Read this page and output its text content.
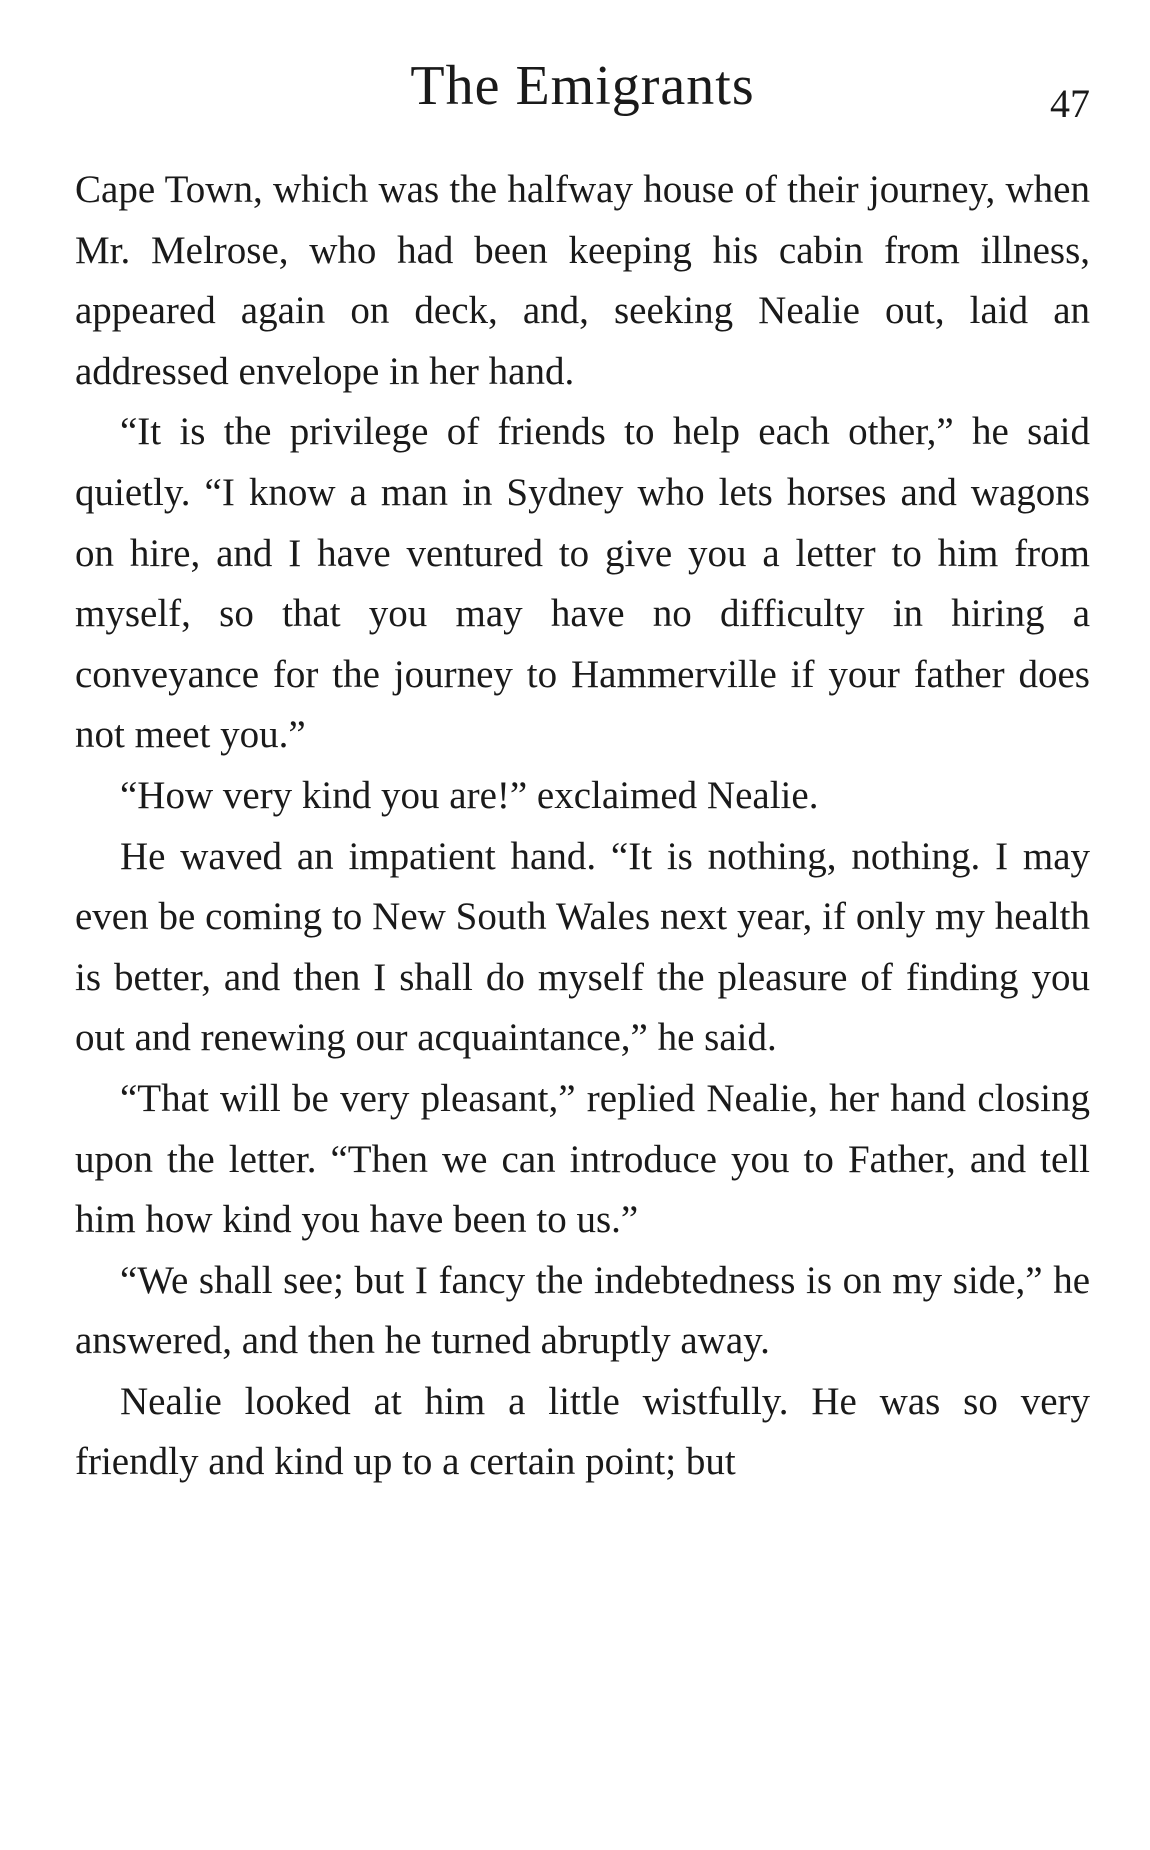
The Emigrants	47

Cape Town, which was the halfway house of their journey, when Mr. Melrose, who had been keeping his cabin from illness, appeared again on deck, and, seeking Nealie out, laid an addressed envelope in her hand.

“It is the privilege of friends to help each other,” he said quietly. “I know a man in Sydney who lets horses and wagons on hire, and I have ventured to give you a letter to him from myself, so that you may have no difficulty in hiring a conveyance for the journey to Hammerville if your father does not meet you.”

“How very kind you are!” exclaimed Nealie.

He waved an impatient hand. “It is nothing, nothing. I may even be coming to New South Wales next year, if only my health is better, and then I shall do myself the pleasure of finding you out and renewing our acquaintance,” he said.

“That will be very pleasant,” replied Nealie, her hand closing upon the letter. “Then we can introduce you to Father, and tell him how kind you have been to us.”

“We shall see; but I fancy the indebtedness is on my side,” he answered, and then he turned abruptly away.

Nealie looked at him a little wistfully. He was so very friendly and kind up to a certain point; but
